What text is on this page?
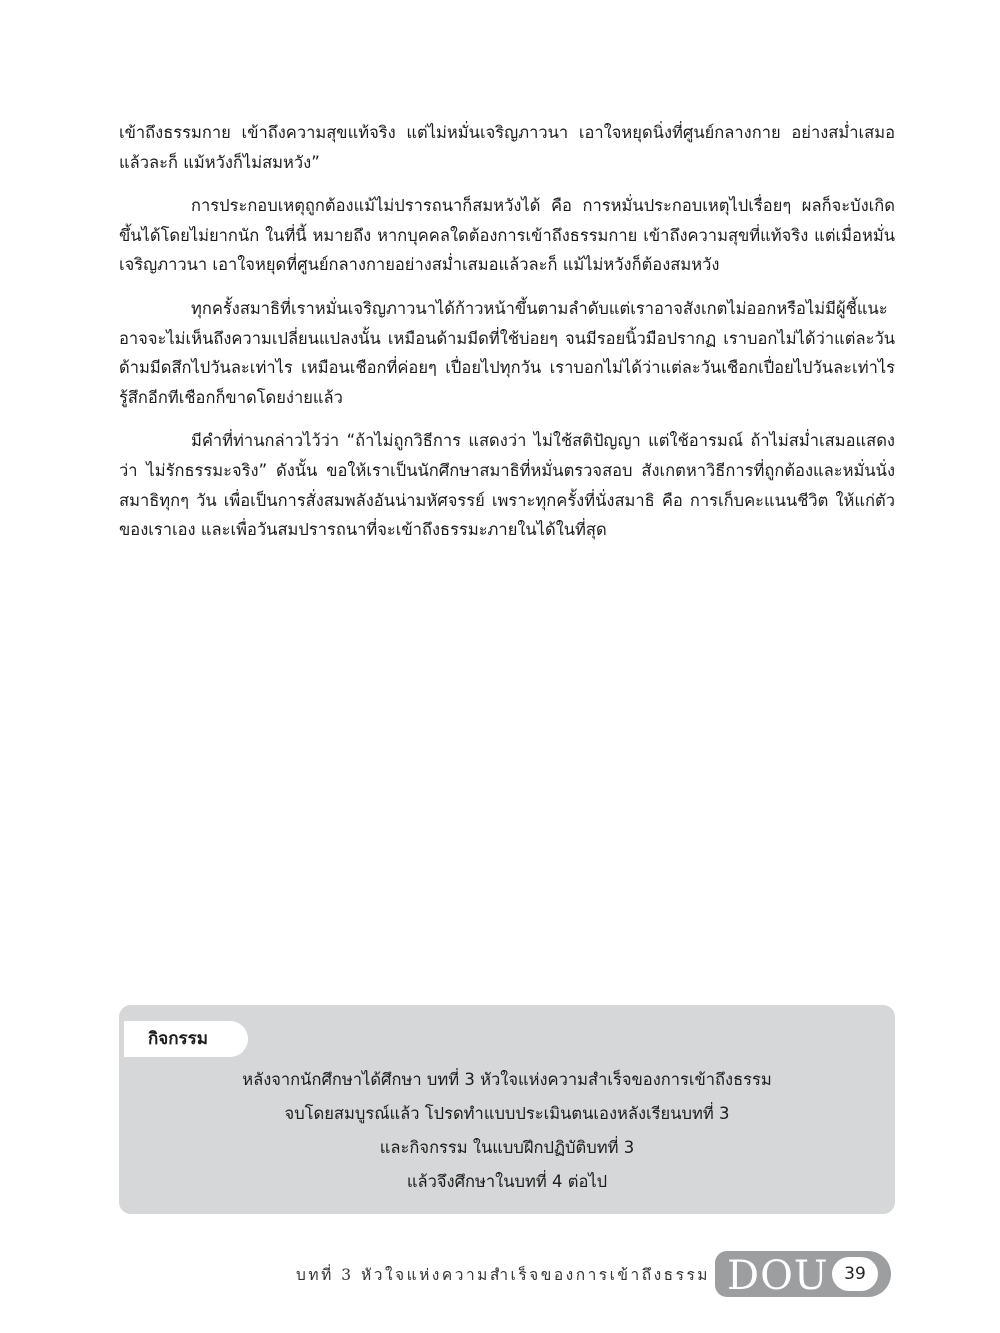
เข้าถึงธรรมกาย เข้าถึงความสุขแท้จริง แต่ไม่หมั่นเจริญภาวนา เอาใจหยุดนิ่งที่ศูนย์กลางกาย อย่างสม่ำเสมอ แล้วละก็ แม้หวังก็ไม่สมหวัง”

การประกอบเหตุถูกต้องแม้ไม่ปรารถนาก็สมหวังได้ คือ การหมั่นประกอบเหตุไปเรื่อยๆ ผลก็จะบังเกิดขึ้นได้โดยไม่ยากนัก ในที่นี้ หมายถึง หากบุคคลใดต้องการเข้าถึงธรรมกาย เข้าถึงความสุขที่แท้จริง แต่เมื่อหมั่นเจริญภาวนา เอาใจหยุดที่ศูนย์กลางกายอย่างสม่ำเสมอแล้วละก็ แม้ไม่หวังก็ต้องสมหวัง

ทุกครั้งสมาธิที่เราหมั่นเจริญภาวนาได้ก้าวหน้าขึ้นตามลำดับแต่เราอาจสังเกตไม่ออกหรือไม่มีผู้ชี้แนะ อาจจะไม่เห็นถึงความเปลี่ยนแปลงนั้น เหมือนด้ามมีดที่ใช้บ่อยๆ จนมีรอยนิ้วมือปรากฏ เราบอกไม่ได้ว่าแต่ละวันด้ามมีดสึกไปวันละเท่าไร เหมือนเชือกที่ค่อยๆ เปื่อยไปทุกวัน เราบอกไม่ได้ว่าแต่ละวันเชือกเปื่อยไปวันละเท่าไร รู้สึกอีกทีเชือกก็ขาดโดยง่ายแล้ว

มีคำที่ท่านกล่าวไว้ว่า “ถ้าไม่ถูกวิธีการ แสดงว่า ไม่ใช้สติปัญญา แต่ใช้อารมณ์ ถ้าไม่สม่ำเสมอแสดงว่า ไม่รักธรรมะจริง” ดังนั้น ขอให้เราเป็นนักศึกษาสมาธิที่หมั่นตรวจสอบ สังเกตหาวิธีการที่ถูกต้องและหมั่นนั่งสมาธิทุกๆ วัน เพื่อเป็นการสั่งสมพลังอันน่ามหัศจรรย์ เพราะทุกครั้งที่นั่งสมาธิ คือ การเก็บคะแนนชีวิต ให้แก่ตัวของเราเอง และเพื่อวันสมปรารถนาที่จะเข้าถึงธรรมะภายในได้ในที่สุด

กิจกรรม
หลังจากนักศึกษาได้ศึกษา บทที่ 3 หัวใจแห่งความสำเร็จของการเข้าถึงธรรม
จบโดยสมบูรณ์แล้ว โปรดทำแบบประเมินตนเองหลังเรียนบทที่ 3
และกิจกรรม ในแบบฝึกปฏิบัติบทที่ 3
แล้วจึงศึกษาในบทที่ 4 ต่อไป
บทที่ 3 หัวใจแห่งความสำเร็จของการเข้าถึงธรรม DOU 39
